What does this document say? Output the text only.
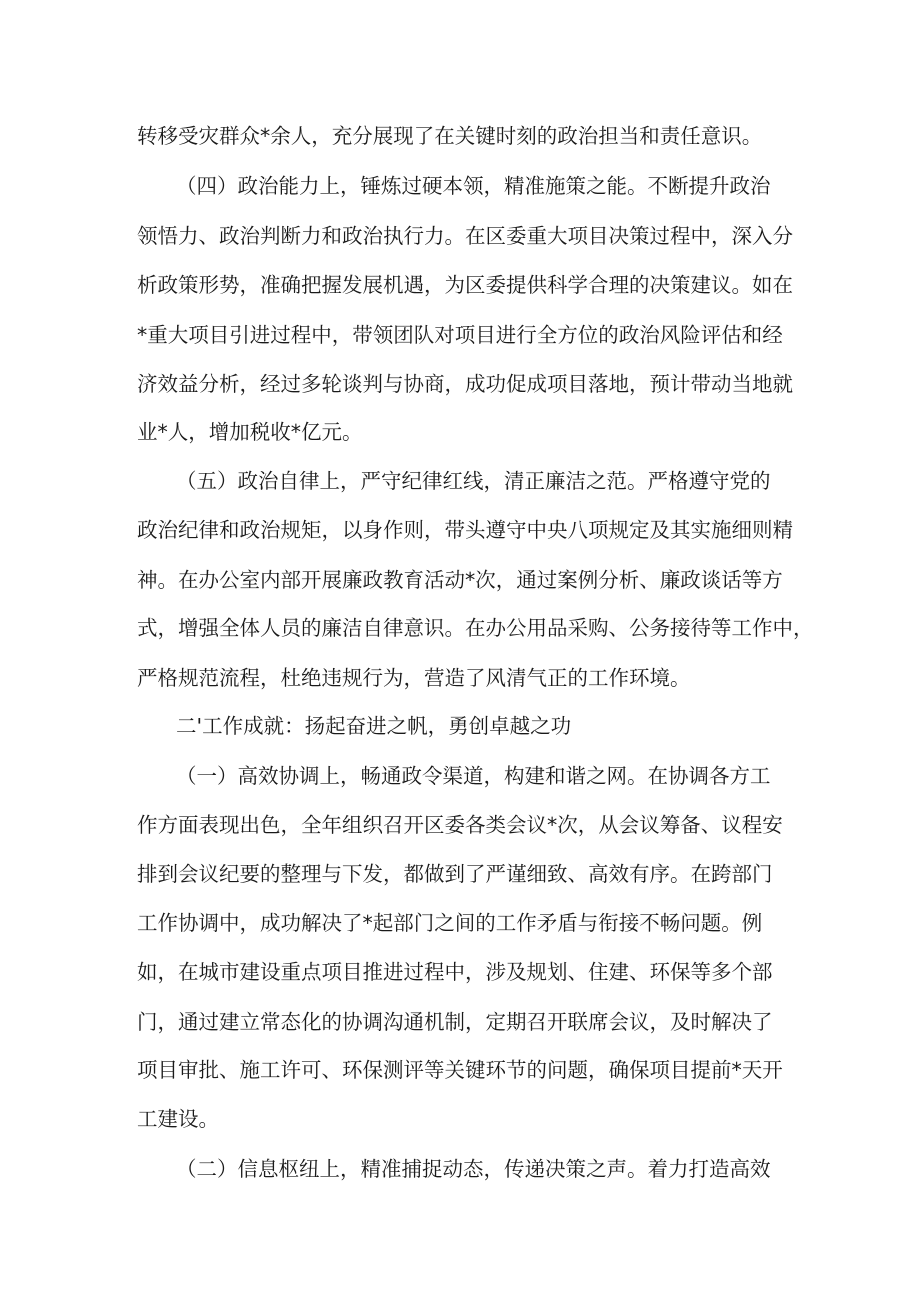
转移受灾群众*余人，充分展现了在关键时刻的政治担当和责任意识。
（四）政治能力上，锤炼过硬本领，精准施策之能。不断提升政治
领悟力、政治判断力和政治执行力。在区委重大项目决策过程中，深入分
析政策形势，准确把握发展机遇，为区委提供科学合理的决策建议。如在
*重大项目引进过程中，带领团队对项目进行全方位的政治风险评估和经
济效益分析，经过多轮谈判与协商，成功促成项目落地，预计带动当地就
业*人，增加税收*亿元。
（五）政治自律上，严守纪律红线，清正廉洁之范。严格遵守党的
政治纪律和政治规矩，以身作则，带头遵守中央八项规定及其实施细则精
神。在办公室内部开展廉政教育活动*次，通过案例分析、廉政谈话等方
式，增强全体人员的廉洁自律意识。在办公用品采购、公务接待等工作中，
严格规范流程，杜绝违规行为，营造了风清气正的工作环境。
二'工作成就：扬起奋进之帆，勇创卓越之功
（一）高效协调上，畅通政令渠道，构建和谐之网。在协调各方工
作方面表现出色，全年组织召开区委各类会议*次，从会议筹备、议程安
排到会议纪要的整理与下发，都做到了严谨细致、高效有序。在跨部门
工作协调中，成功解决了*起部门之间的工作矛盾与衔接不畅问题。例
如，在城市建设重点项目推进过程中，涉及规划、住建、环保等多个部
门，通过建立常态化的协调沟通机制，定期召开联席会议，及时解决了
项目审批、施工许可、环保测评等关键环节的问题，确保项目提前*天开
工建设。
（二）信息枢纽上，精准捕捉动态，传递决策之声。着力打造高效
